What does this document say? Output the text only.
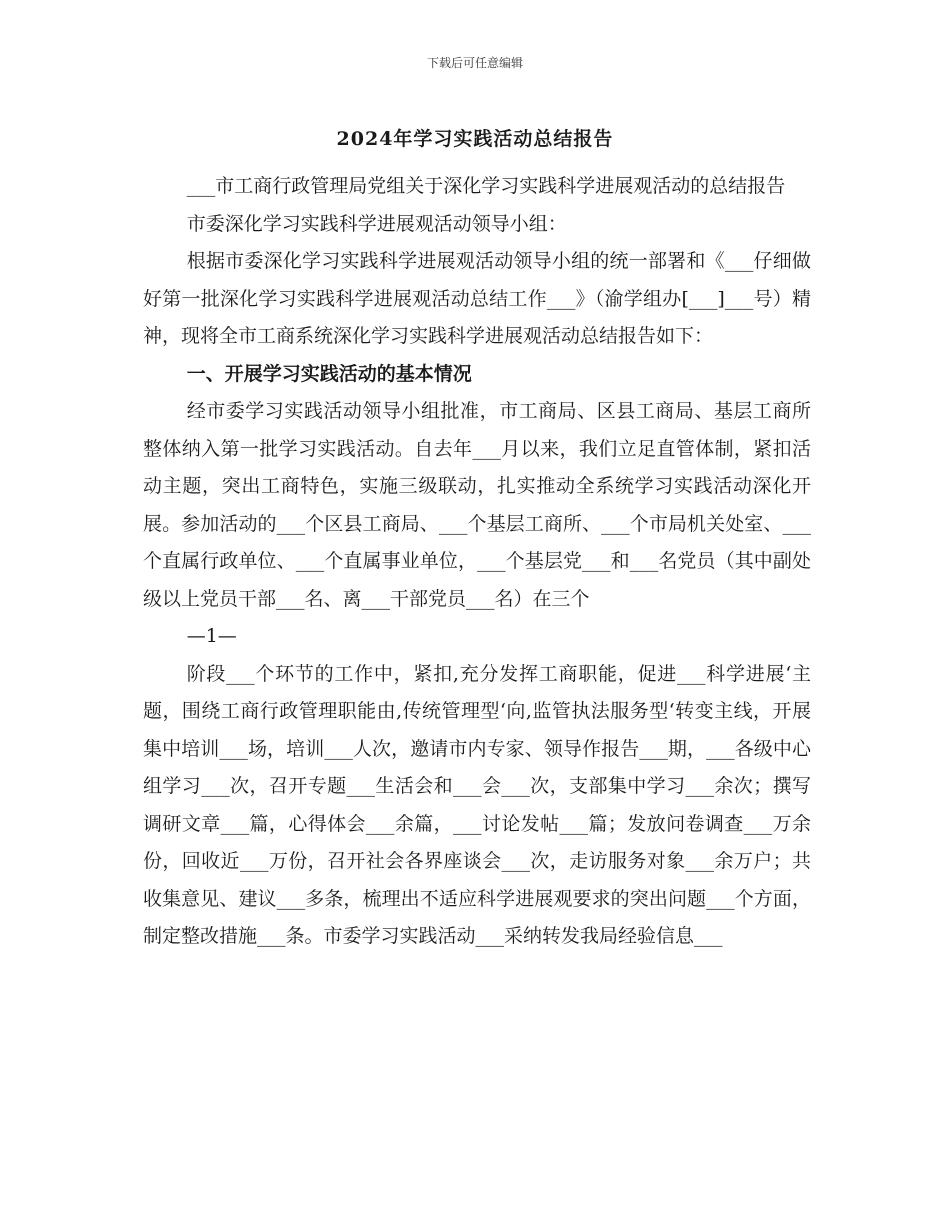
下载后可任意编辑
2024年学习实践活动总结报告

___市工商行政管理局党组关于深化学习实践科学进展观活动的总结报告

市委深化学习实践科学进展观活动领导小组：

根据市委深化学习实践科学进展观活动领导小组的统一部署和《___仔细做好第一批深化学习实践科学进展观活动总结工作___》（渝学组办[___]___号）精神，现将全市工商系统深化学习实践科学进展观活动总结报告如下：

一、开展学习实践活动的基本情况

经市委学习实践活动领导小组批准，市工商局、区县工商局、基层工商所整体纳入第一批学习实践活动。自去年___月以来，我们立足直管体制，紧扣活动主题，突出工商特色，实施三级联动，扎实推动全系统学习实践活动深化开展。参加活动的___个区县工商局、___个基层工商所、___个市局机关处室、___个直属行政单位、___个直属事业单位，___个基层党___和___名党员（其中副处级以上党员干部___名、离___干部党员___名）在三个

—1—

阶段___个环节的工作中，紧扣,充分发挥工商职能，促进___科学进展‘主题，围绕工商行政管理职能由,传统管理型‘向,监管执法服务型‘转变主线，开展集中培训___场，培训___人次，邀请市内专家、领导作报告___期，___各级中心组学习___次，召开专题___生活会和___会___次，支部集中学习___余次；撰写调研文章___篇，心得体会___余篇，___讨论发帖___篇；发放问卷调查___万余份，回收近___万份，召开社会各界座谈会___次，走访服务对象___余万户；共收集意见、建议___多条，梳理出不适应科学进展观要求的突出问题___个方面，制定整改措施___条。市委学习实践活动___采纳转发我局经验信息___
